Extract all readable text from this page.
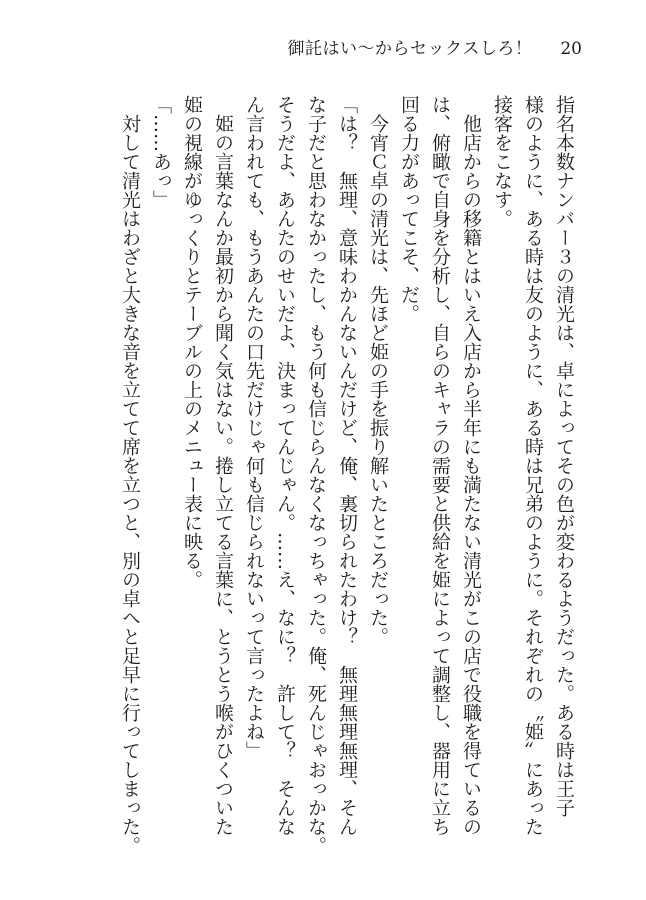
御託はい〜からセックスしろ！ 20
指名本数ナンバー３の清光は、卓によってその色が変わるようだった。ある時は王子
様のように、ある時は友のように、ある時は兄弟のように。それぞれの〝姫〟にあった
接客をこなす。
　他店からの移籍とはいえ入店から半年にも満たない清光がこの店で役職を得ているの
は、俯瞰で自身を分析し、自らのキャラの需要と供給を姫によって調整し、器用に立ち
回る力があってこそ、だ。
　今宵Ｃ卓の清光は、先ほど姫の手を振り解いたところだった。
「は？　無理、意味わかんないんだけど、俺、裏切られたわけ？　無理無理無理、そん
な子だと思わなかったし、もう何も信じらんなくなっちゃった。俺、死んじゃおっかな。
そうだよ、あんたのせいだよ、決まってんじゃん。……え、なに？　許して？　そんな
ん言われても、もうあんたの口先だけじゃ何も信じられないって言ったよね」
　姫の言葉なんか最初から聞く気はない。捲し立てる言葉に、とうとう喉がひくついた
姫の視線がゆっくりとテーブルの上のメニュー表に映る。
「……あっ」
　対して清光はわざと大きな音を立てて席を立つと、別の卓へと足早に行ってしまった。
